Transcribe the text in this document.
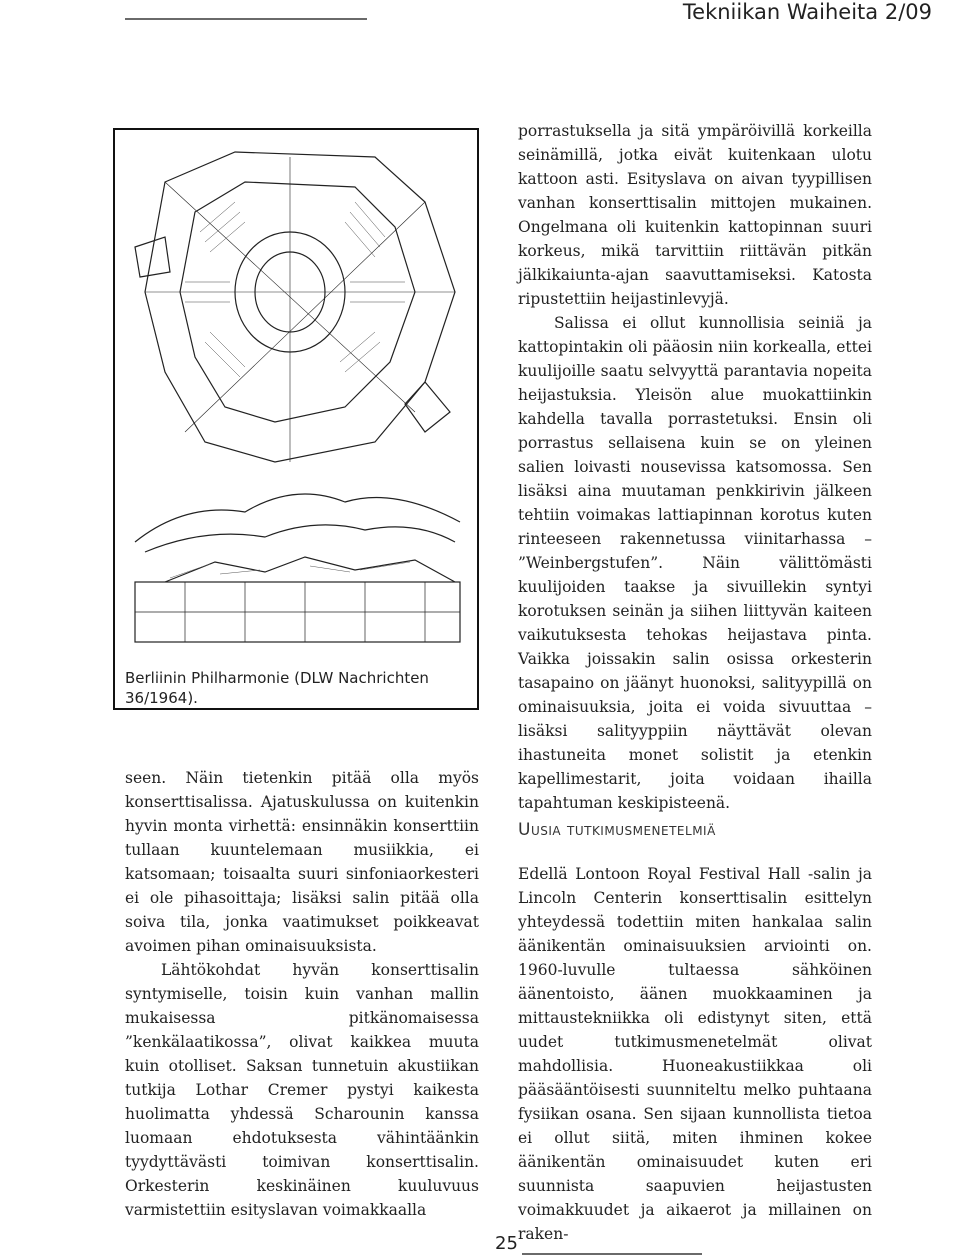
Tekniikan Waiheita 2/09
Berliinin Philharmonie (DLW Nachrichten 36/1964).

seen. Näin tietenkin pitää olla myös konserttisalissa. Ajatuskulussa on kuitenkin hyvin monta virhettä: ensinnäkin konserttiin tullaan kuuntelemaan musiikkia, ei katsomaan; toisaalta suuri sinfoniaorkesteri ei ole pihasoittaja; lisäksi salin pitää olla soiva tila, jonka vaatimukset poikkeavat avoimen pihan ominaisuuksista.

Lähtökohdat hyvän konserttisalin syntymiselle, toisin kuin vanhan mallin mukaisessa pitkänomaisessa ”kenkälaatikossa”, olivat kaikkea muuta kuin otolliset. Saksan tunnetuin akustiikan tutkija Lothar Cremer pystyi kaikesta huolimatta yhdessä Scharounin kanssa luomaan ehdotuksesta vähintäänkin tyydyttävästi toimivan konserttisalin. Orkesterin keskinäinen kuuluvuus varmistettiin esityslavan voimakkaalla

porrastuksella ja sitä ympäröivillä korkeilla seinämillä, jotka eivät kuitenkaan ulotu kattoon asti. Esityslava on aivan tyypillisen vanhan konserttisalin mittojen mukainen. Ongelmana oli kuitenkin kattopinnan suuri korkeus, mikä tarvittiin riittävän pitkän jälkikaiunta-ajan saavuttamiseksi. Katosta ripustettiin heijastinlevyjä.

Salissa ei ollut kunnollisia seiniä ja kattopintakin oli pääosin niin korkealla, ettei kuulijoille saatu selvyyttä parantavia nopeita heijastuksia. Yleisön alue muokattiinkin kahdella tavalla porrastetuksi. Ensin oli porrastus sellaisena kuin se on yleinen salien loivasti nousevissa katsomossa. Sen lisäksi aina muutaman penkkirivin jälkeen tehtiin voimakas lattiapinnan korotus kuten rinteeseen rakennetussa viinitarhassa – ”Weinbergstufen”. Näin välittömästi kuulijoiden taakse ja sivuillekin syntyi korotuksen seinän ja siihen liittyvän kaiteen vaikutuksesta tehokas heijastava pinta. Vaikka joissakin salin osissa orkesterin tasapaino on jäänyt huonoksi, salityypillä on ominaisuuksia, joita ei voida sivuuttaa – lisäksi salityyppiin näyttävät olevan ihastuneita monet solistit ja etenkin kapellimestarit, joita voidaan ihailla tapahtuman keskipisteenä.

Uusia tutkimusmenetelmiä

Edellä Lontoon Royal Festival Hall -salin ja Lincoln Centerin konserttisalin esittelyn yhteydessä todettiin miten hankalaa salin äänikentän ominaisuuksien arviointi on. 1960-luvulle tultaessa sähköinen äänentoisto, äänen muokkaaminen ja mittaustekniikka oli edistynyt siten, että uudet tutkimusmenetelmät olivat mahdollisia. Huoneakustiikkaa oli pääsääntöisesti suunniteltu melko puhtaana fysiikan osana. Sen sijaan kunnollista tietoa ei ollut siitä, miten ihminen kokee äänikentän ominaisuudet kuten eri suunnista saapuvien heijastusten voimakkuudet ja aikaerot ja millainen on raken-

25
